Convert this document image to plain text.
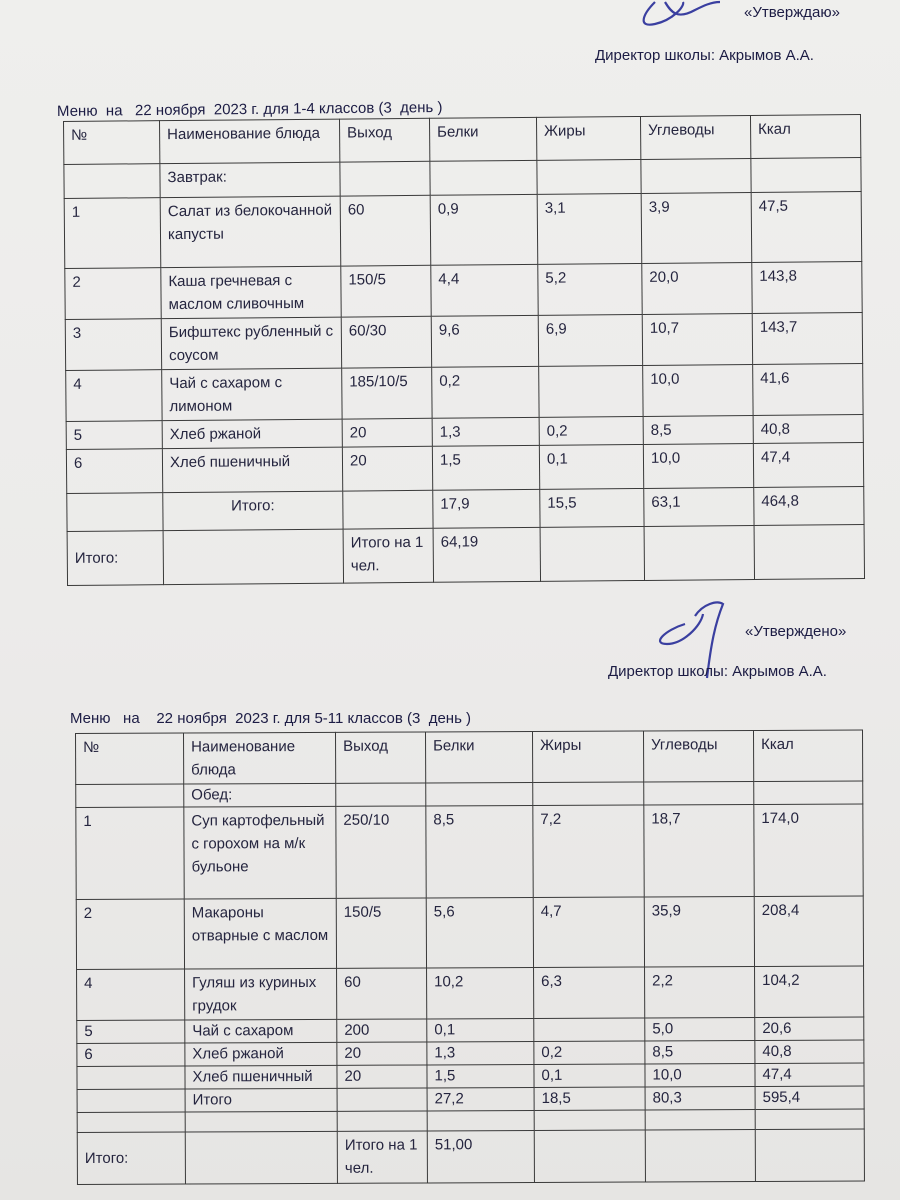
«Утверждаю»
Директор школы: Акрымов А.А.
Меню  на   22 ноября  2023 г. для 1-4 классов (3  день )
№	Наименование блюда	Выход	Белки	Жиры	Углеводы	Ккал
	Завтрак:					
1	Салат из белокочанной капусты	60	0,9	3,1	3,9	47,5
2	Каша гречневая с маслом сливочным	150/5	4,4	5,2	20,0	143,8
3	Бифштекс рубленный с соусом	60/30	9,6	6,9	10,7	143,7
4	Чай с сахаром с лимоном	185/10/5	0,2		10,0	41,6
5	Хлеб ржаной	20	1,3	0,2	8,5	40,8
6	Хлеб пшеничный	20	1,5	0,1	10,0	47,4
	Итого:		17,9	15,5	63,1	464,8
Итого:		Итого на 1 чел.	64,19			
«Утверждено»
Директор школы: Акрымов А.А.
Меню   на    22 ноября  2023 г. для 5-11 классов (3  день )
№	Наименование блюда	Выход	Белки	Жиры	Углеводы	Ккал
	Обед:					
1	Суп картофельный с горохом на м/к бульоне	250/10	8,5	7,2	18,7	174,0
2	Макароны отварные с маслом	150/5	5,6	4,7	35,9	208,4
4	Гуляш из куриных грудок	60	10,2	6,3	2,2	104,2
5	Чай с сахаром	200	0,1		5,0	20,6
6	Хлеб ржаной	20	1,3	0,2	8,5	40,8
	Хлеб пшеничный	20	1,5	0,1	10,0	47,4
	Итого		27,2	18,5	80,3	595,4

Итого:		Итого на 1 чел.	51,00			
